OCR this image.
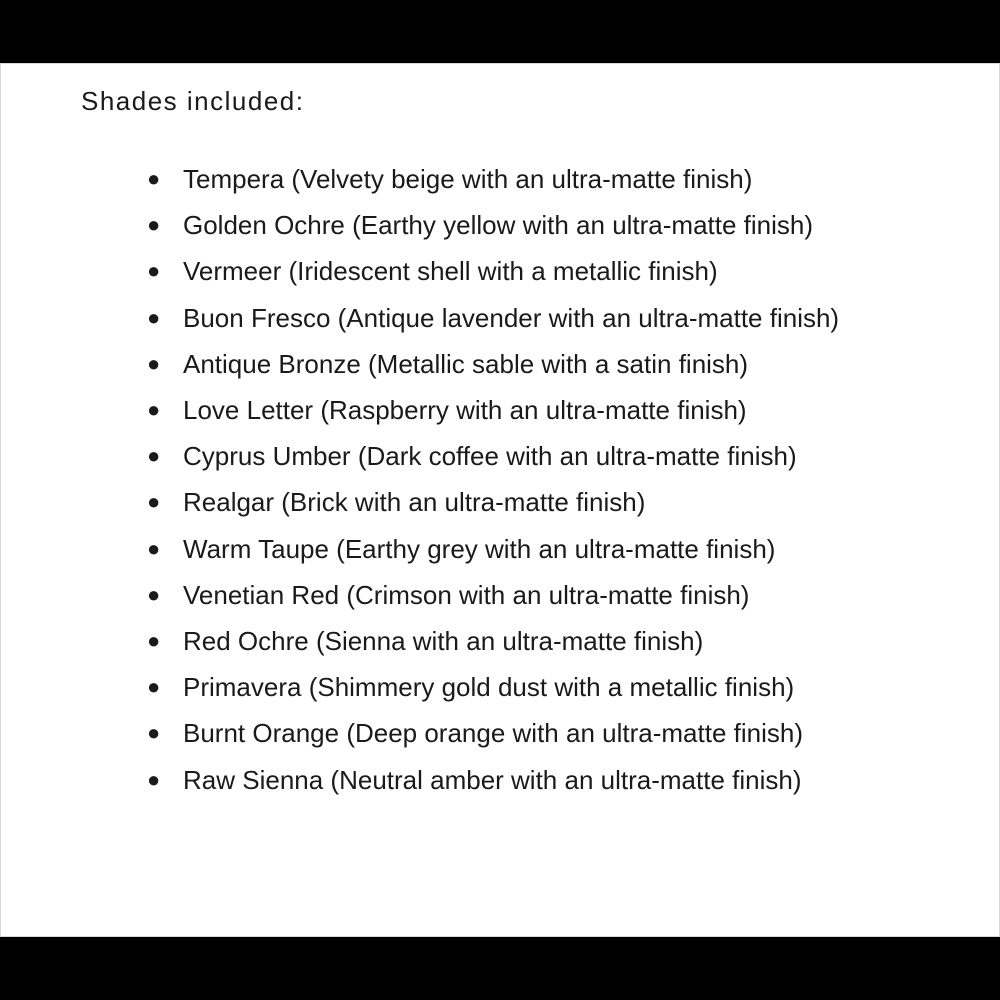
Shades included:
● Tempera (Velvety beige with an ultra-matte finish)
● Golden Ochre (Earthy yellow with an ultra-matte finish)
● Vermeer (Iridescent shell with a metallic finish)
● Buon Fresco (Antique lavender with an ultra-matte finish)
● Antique Bronze (Metallic sable with a satin finish)
● Love Letter (Raspberry with an ultra-matte finish)
● Cyprus Umber (Dark coffee with an ultra-matte finish)
● Realgar (Brick with an ultra-matte finish)
● Warm Taupe (Earthy grey with an ultra-matte finish)
● Venetian Red (Crimson with an ultra-matte finish)
● Red Ochre (Sienna with an ultra-matte finish)
● Primavera (Shimmery gold dust with a metallic finish)
● Burnt Orange (Deep orange with an ultra-matte finish)
● Raw Sienna (Neutral amber with an ultra-matte finish)
